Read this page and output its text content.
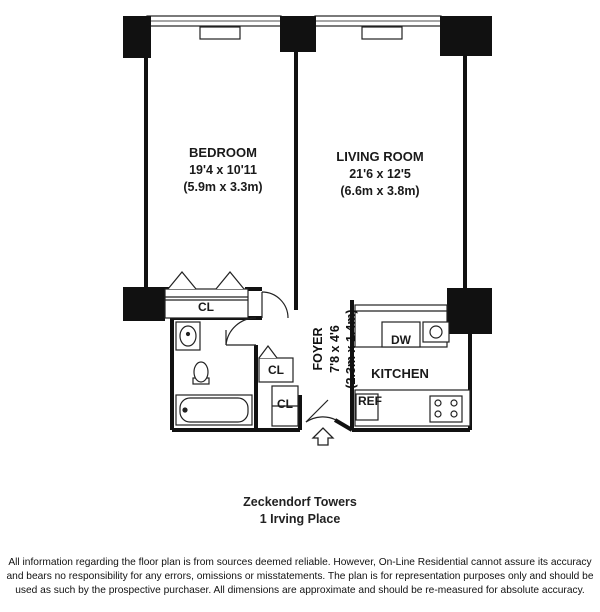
BEDROOM
19'4 x 10'11
(5.9m x 3.3m)
LIVING ROOM
21'6 x 12'5
(6.6m x 3.8m)
KITCHEN
FOYER 7'8 x 4'6 (2.3m x 1.4m)
CL
CL
CL
DW
REF
Zeckendorf Towers
1 Irving Place
All information regarding the floor plan is from sources deemed reliable. However, On-Line Residential cannot assure its accuracy
and bears no responsibility for any errors, omissions or misstatements. The plan is for representation purposes only and should be
used as such by the prospective purchaser. All dimensions are approximate and should be re-measured for absolute accuracy.
